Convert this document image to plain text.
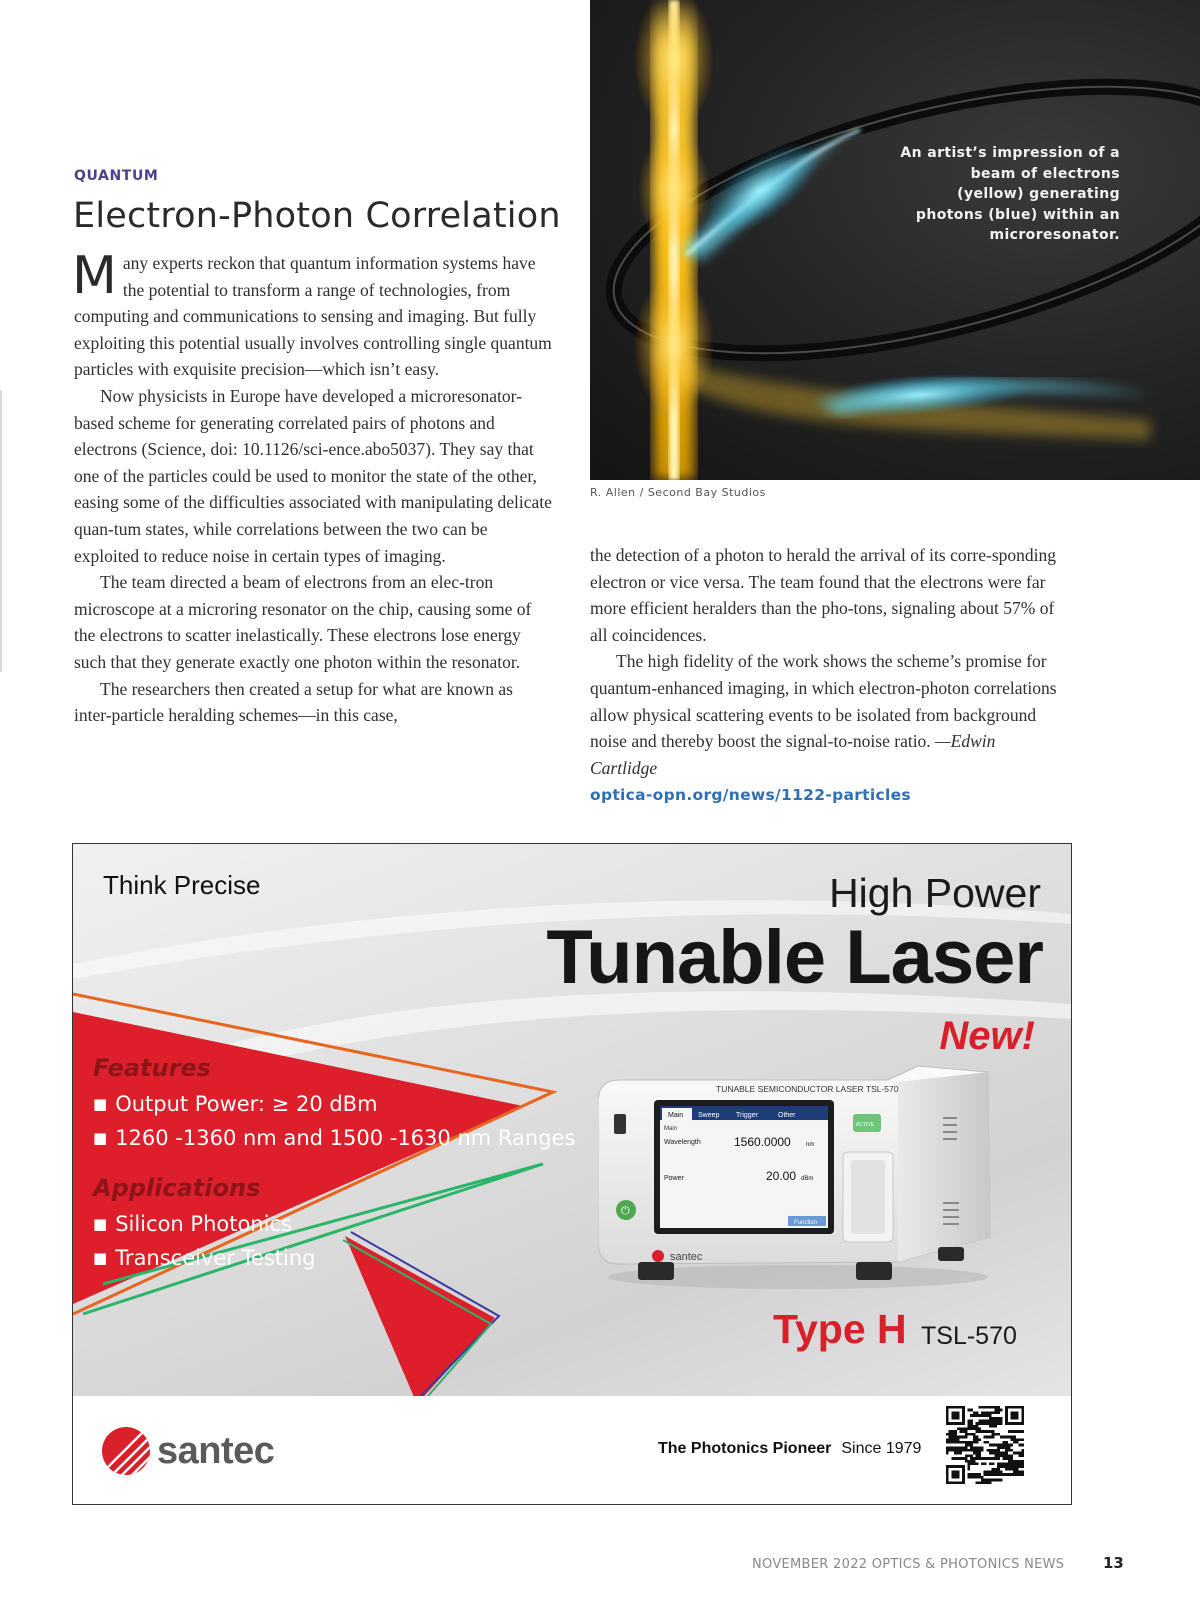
QUANTUM
Electron-Photon Correlation

Many experts reckon that quantum information systems have the potential to transform a range of technologies, from computing and communications to sensing and imaging. But fully exploiting this potential usually involves controlling single quantum particles with exquisite precision—which isn’t easy.

Now physicists in Europe have developed a microresonator-based scheme for generating correlated pairs of photons and electrons (Science, doi: 10.1126/sci-ence.abo5037). They say that one of the particles could be used to monitor the state of the other, easing some of the difficulties associated with manipulating delicate quan-tum states, while correlations between the two can be exploited to reduce noise in certain types of imaging.

The team directed a beam of electrons from an elec-tron microscope at a microring resonator on the chip, causing some of the electrons to scatter inelastically. These electrons lose energy such that they generate exactly one photon within the resonator.

The researchers then created a setup for what are known as inter-particle heralding schemes—in this case,

the detection of a photon to herald the arrival of its corre-sponding electron or vice versa. The team found that the electrons were far more efficient heralders than the pho-tons, signaling about 57% of all coincidences.

The high fidelity of the work shows the scheme’s promise for quantum-enhanced imaging, in which electron-photon correlations allow physical scattering events to be isolated from background noise and thereby boost the signal-to-noise ratio. —Edwin Cartlidge

optica-opn.org/news/1122-particles

An artist’s impression of a beam of electrons (yellow) generating photons (blue) within an microresonator.
R. Allen / Second Bay Studios
Think Precise	High Power
Tunable Laser
New!
Features
■ Output Power: ≥ 20 dBm
■ 1260 -1360 nm and 1500 -1630 nm Ranges
Applications
■ Silicon Photonics
■ Transceiver Testing
TUNABLE SEMICONDUCTOR LASER TSL-570
Main Sweep Trigger	Other
Main
Wavelength	1560.0000	nm
Power	20.00 dBm
Function
⏻
santec
ACTIVE
Type H TSL-570
santec	The Photonics Pioneer Since 1979
NOVEMBER 2022 OPTICS & PHOTONICS NEWS	13
